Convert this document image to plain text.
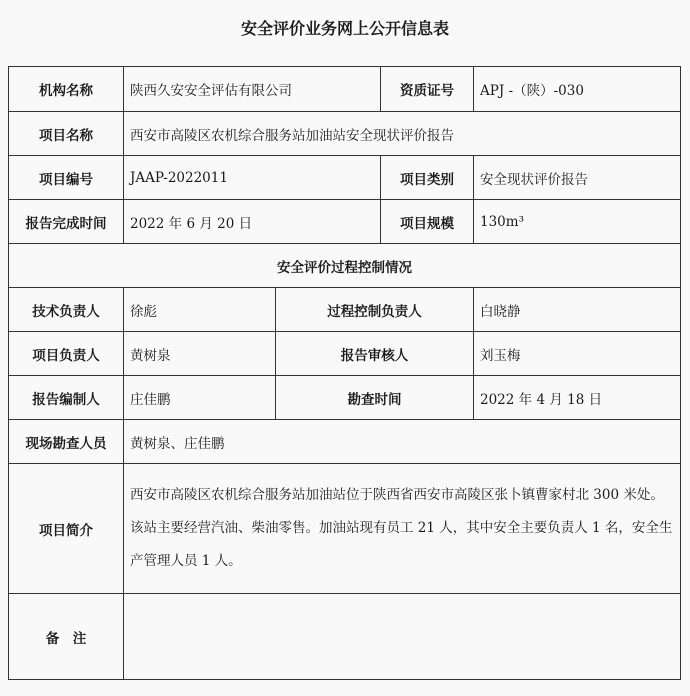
安全评价业务网上公开信息表
机构名称	陕西久安安全评估有限公司		资质证号	APJ -（陕）-030
项目名称	西安市高陵区农机综合服务站加油站安全现状评价报告			
项目编号	JAAP-2022011		项目类别	安全现状评价报告
报告完成时间	2022 年 6 月 20 日		项目规模	130m³
安全评价过程控制情况				
技术负责人	徐彪	过程控制负责人		白晓静
项目负责人	黄树泉	报告审核人		刘玉梅
报告编制人	庄佳鹏	勘查时间		2022 年 4 月 18 日
现场勘查人员	黄树泉、庄佳鹏			
项目简介	西安市高陵区农机综合服务站加油站位于陕西省西安市高陵区张卜镇曹家村北 300 米处。该站主要经营汽油、柴油零售。加油站现有员工 21 人，其中安全主要负责人 1 名，安全生产管理人员 1 人。			
备　注				
